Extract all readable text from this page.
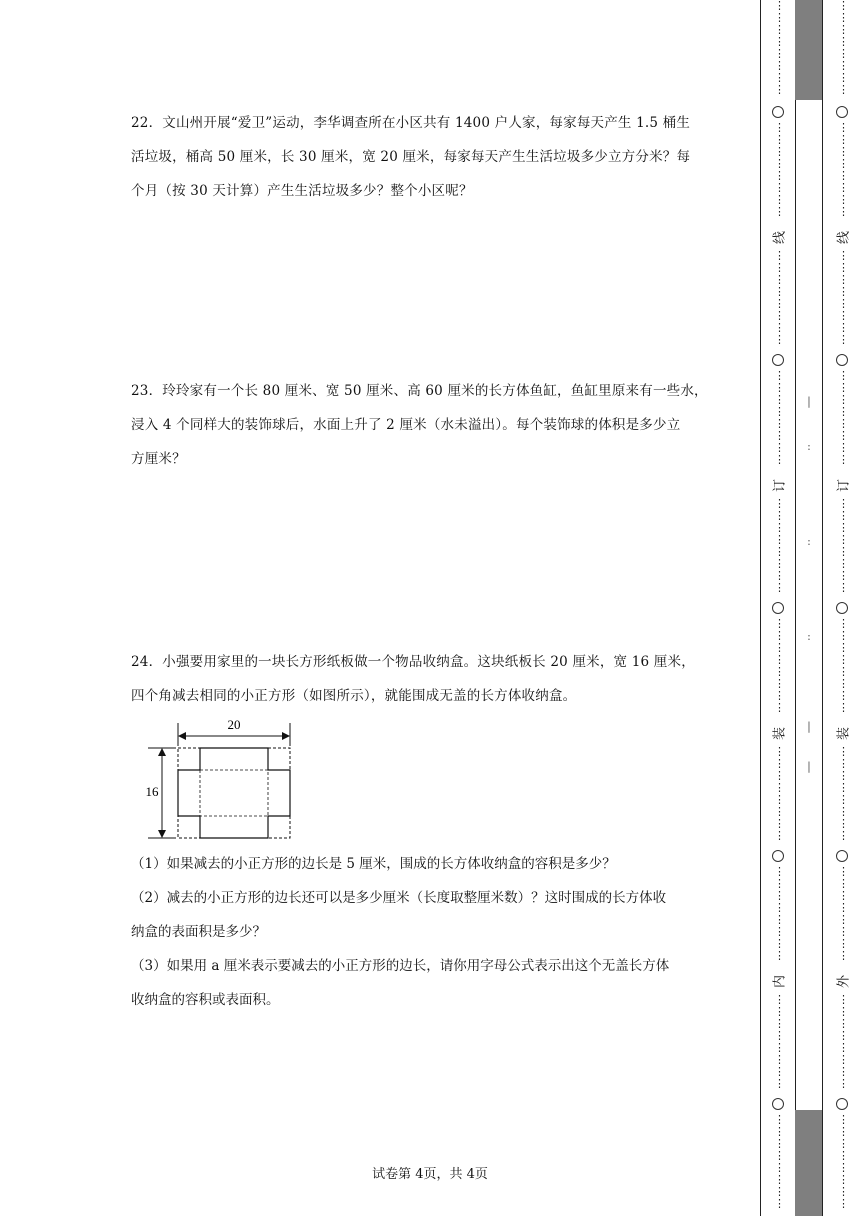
22．文山州开展“爱卫”运动，李华调查所在小区共有 1400 户人家，每家每天产生 1.5 桶生
活垃圾，桶高 50 厘米，长 30 厘米，宽 20 厘米，每家每天产生生活垃圾多少立方分米？每
个月（按 30 天计算）产生生活垃圾多少？整个小区呢？
23．玲玲家有一个长 80 厘米、宽 50 厘米、高 60 厘米的长方体鱼缸，鱼缸里原来有一些水，
浸入 4 个同样大的装饰球后，水面上升了 2 厘米（水未溢出）。每个装饰球的体积是多少立
方厘米？
24．小强要用家里的一块长方形纸板做一个物品收纳盒。这块纸板长 20 厘米，宽 16 厘米，
四个角减去相同的小正方形（如图所示），就能围成无盖的长方体收纳盒。
20
16
（1）如果减去的小正方形的边长是 5 厘米，围成的长方体收纳盒的容积是多少？
（2）减去的小正方形的边长还可以是多少厘米（长度取整厘米数）？这时围成的长方体收
纳盒的表面积是多少？
（3）如果用 a 厘米表示要减去的小正方形的边长，请你用字母公式表示出这个无盖长方体
收纳盒的容积或表面积。
试卷第 4页，共 4页
⋮⋮⋮⋮⋮⋮⋮⋮
⋮⋮⋮⋮⋮⋮⋮⋮
线
⋮⋮⋮⋮⋮⋮⋮⋮
⋮⋮⋮⋮⋮⋮⋮⋮
订
⋮⋮⋮⋮⋮⋮⋮⋮
⋮⋮⋮⋮⋮⋮⋮⋮
装
⋮⋮⋮⋮⋮⋮⋮⋮
⋮⋮⋮⋮⋮⋮⋮⋮
内
⋮⋮⋮⋮⋮⋮⋮⋮
⋮⋮⋮⋮⋮⋮⋮⋮
⋮⋮⋮⋮⋮⋮⋮⋮
⋮⋮⋮⋮⋮⋮⋮⋮
线
⋮⋮⋮⋮⋮⋮⋮⋮
⋮⋮⋮⋮⋮⋮⋮⋮
订
⋮⋮⋮⋮⋮⋮⋮⋮
⋮⋮⋮⋮⋮⋮⋮⋮
装
⋮⋮⋮⋮⋮⋮⋮⋮
⋮⋮⋮⋮⋮⋮⋮⋮
外
⋮⋮⋮⋮⋮⋮⋮⋮
⋮⋮⋮⋮⋮⋮⋮⋮
|
:
:
:
|
|
